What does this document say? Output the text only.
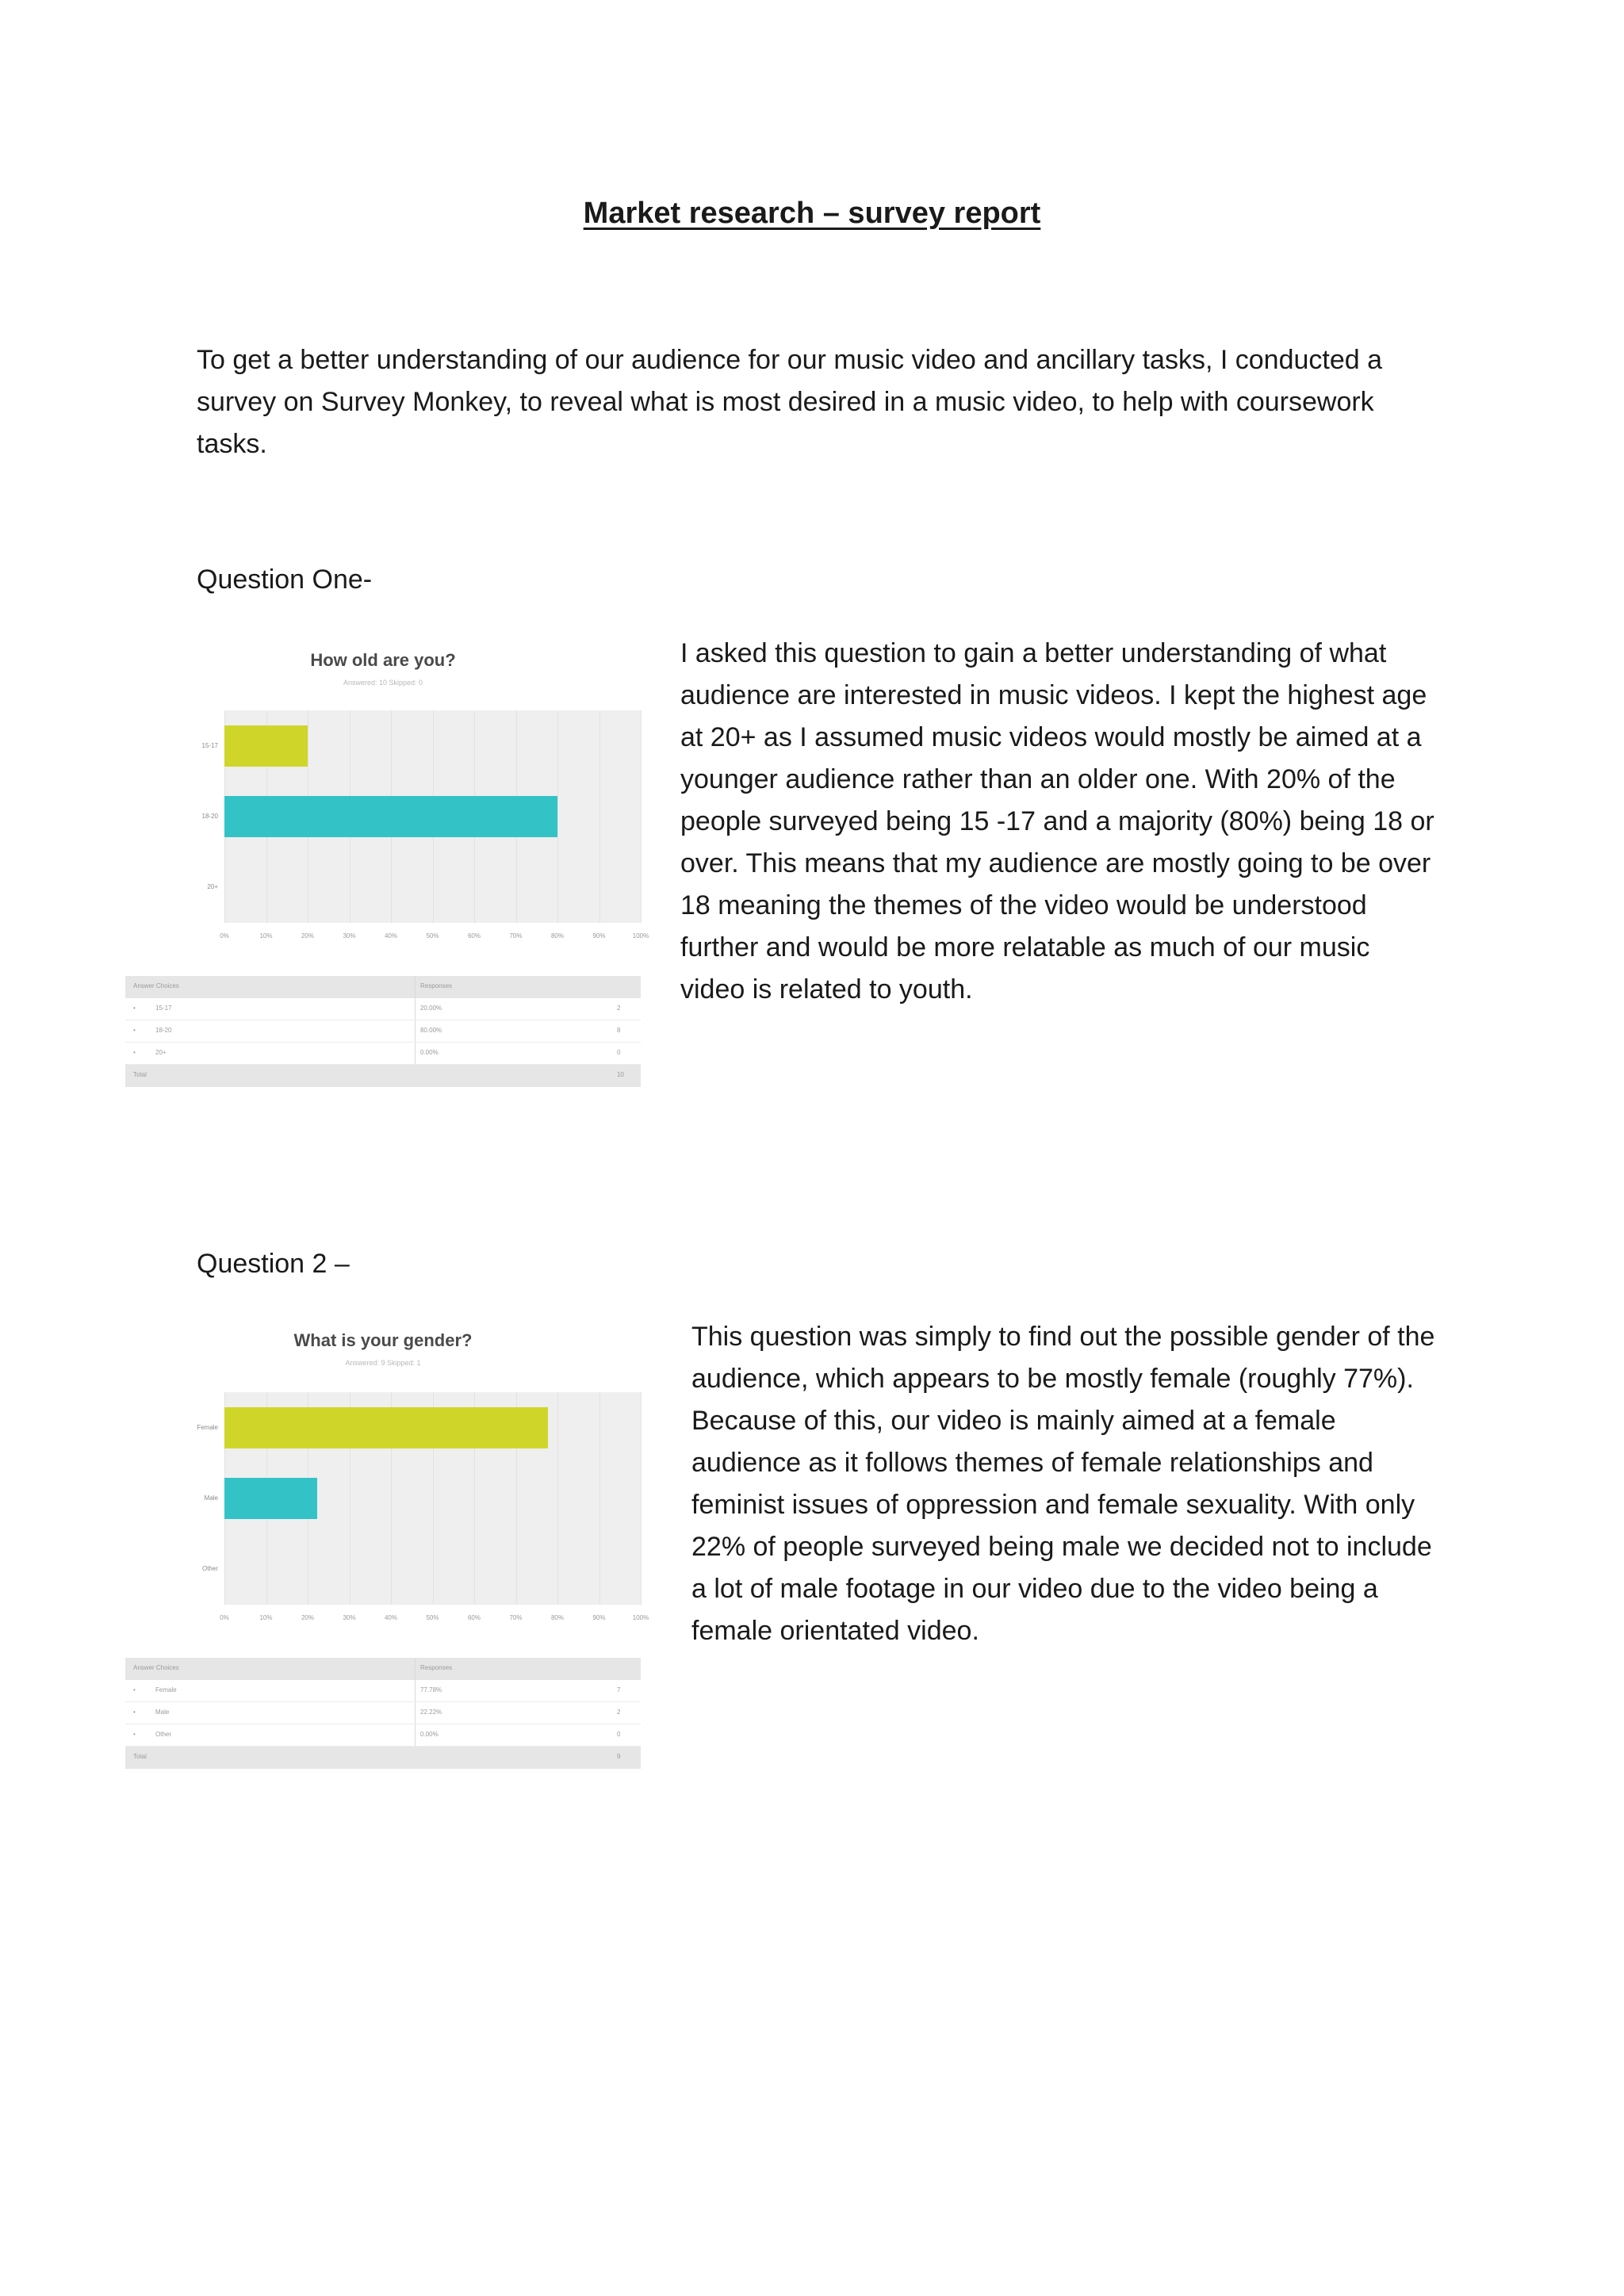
Market research – survey report

To get a better understanding of our audience for our music video and ancillary tasks, I conducted a survey on Survey Monkey, to reveal what is most desired in a music video, to help with coursework tasks.

Question One-

How old are you?
Answered: 10 Skipped: 0
0%	10%	20%	30%	40%	50%	60%	70%	80%	90%	100%
Answer Choices	Responses
•	15-17	20.00%	2
•	18-20	80.00%	8
•	20+	0.00%	0
Total	10
15-17
18-20
20+

I asked this question to gain a better understanding of what audience are interested in music videos. I kept the highest age at 20+ as I assumed music videos would mostly be aimed at a younger audience rather than an older one. With 20% of the people surveyed being 15 -17 and a majority (80%) being 18 or over. This means that my audience are mostly going to be over 18 meaning the themes of the video would be understood further and would be more relatable as much of our music video is related to youth.

Question 2 –

What is your gender?
Answered: 9 Skipped: 1
0%	10%	20%	30%	40%	50%	60%	70%	80%	90%	100%
Answer Choices	Responses
•	Female	77.78%	7
•	Male	22.22%	2
•	Other	0.00%	0
Total	9
Female
Male
Other

This question was simply to find out the possible gender of the audience, which appears to be mostly female (roughly 77%). Because of this, our video is mainly aimed at a female audience as it follows themes of female relationships and feminist issues of oppression and female sexuality. With only 22% of people surveyed being male we decided not to include a lot of male footage in our video due to the video being a female orientated video.
